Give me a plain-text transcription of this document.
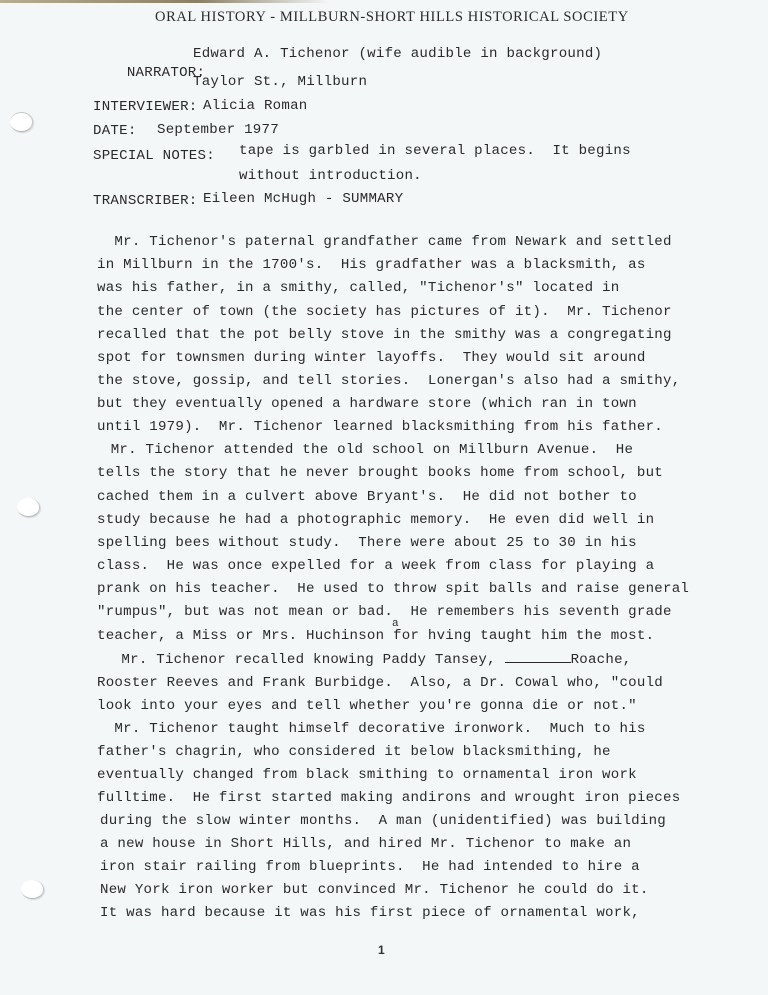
ORAL HISTORY - MILLBURN-SHORT HILLS HISTORICAL SOCIETY

NARRATOR:

Edward A. Tichenor (wife audible in background)
Taylor St., Millburn
INTERVIEWER: Alicia Roman
DATE: September 1977
SPECIAL NOTES: tape is garbled in several places.  It begins
without introduction.
TRANSCRIBER: Eileen McHugh - SUMMARY
Mr. Tichenor's paternal grandfather came from Newark and settled
in Millburn in the 1700's.  His gradfather was a blacksmith, as
was his father, in a smithy, called, "Tichenor's" located in
the center of town (the society has pictures of it).  Mr. Tichenor
recalled that the pot belly stove in the smithy was a congregating
spot for townsmen during winter layoffs.  They would sit around
the stove, gossip, and tell stories.  Lonergan's also had a smithy,
but they eventually opened a hardware store (which ran in town
until 1979).  Mr. Tichenor learned blacksmithing from his father.
Mr. Tichenor attended the old school on Millburn Avenue.  He
tells the story that he never brought books home from school, but
cached them in a culvert above Bryant's.  He did not bother to
study because he had a photographic memory.  He even did well in
spelling bees without study.  There were about 25 to 30 in his
class.  He was once expelled for a week from class for playing a
prank on his teacher.  He used to throw spit balls and raise general
"rumpus", but was not mean or bad.  He remembers his seventh grade
a
teacher, a Miss or Mrs. Huchinson for hving taught him the most.
Mr. Tichenor recalled knowing Paddy Tansey,	Roache,
Rooster Reeves and Frank Burbidge.  Also, a Dr. Cowal who, "could
look into your eyes and tell whether you're gonna die or not."
Mr. Tichenor taught himself decorative ironwork.  Much to his
father's chagrin, who considered it below blacksmithing, he
eventually changed from black smithing to ornamental iron work
fulltime.  He first started making andirons and wrought iron pieces
during the slow winter months.  A man (unidentified) was building
a new house in Short Hills, and hired Mr. Tichenor to make an
iron stair railing from blueprints.  He had intended to hire a
New York iron worker but convinced Mr. Tichenor he could do it.
It was hard because it was his first piece of ornamental work,
1
